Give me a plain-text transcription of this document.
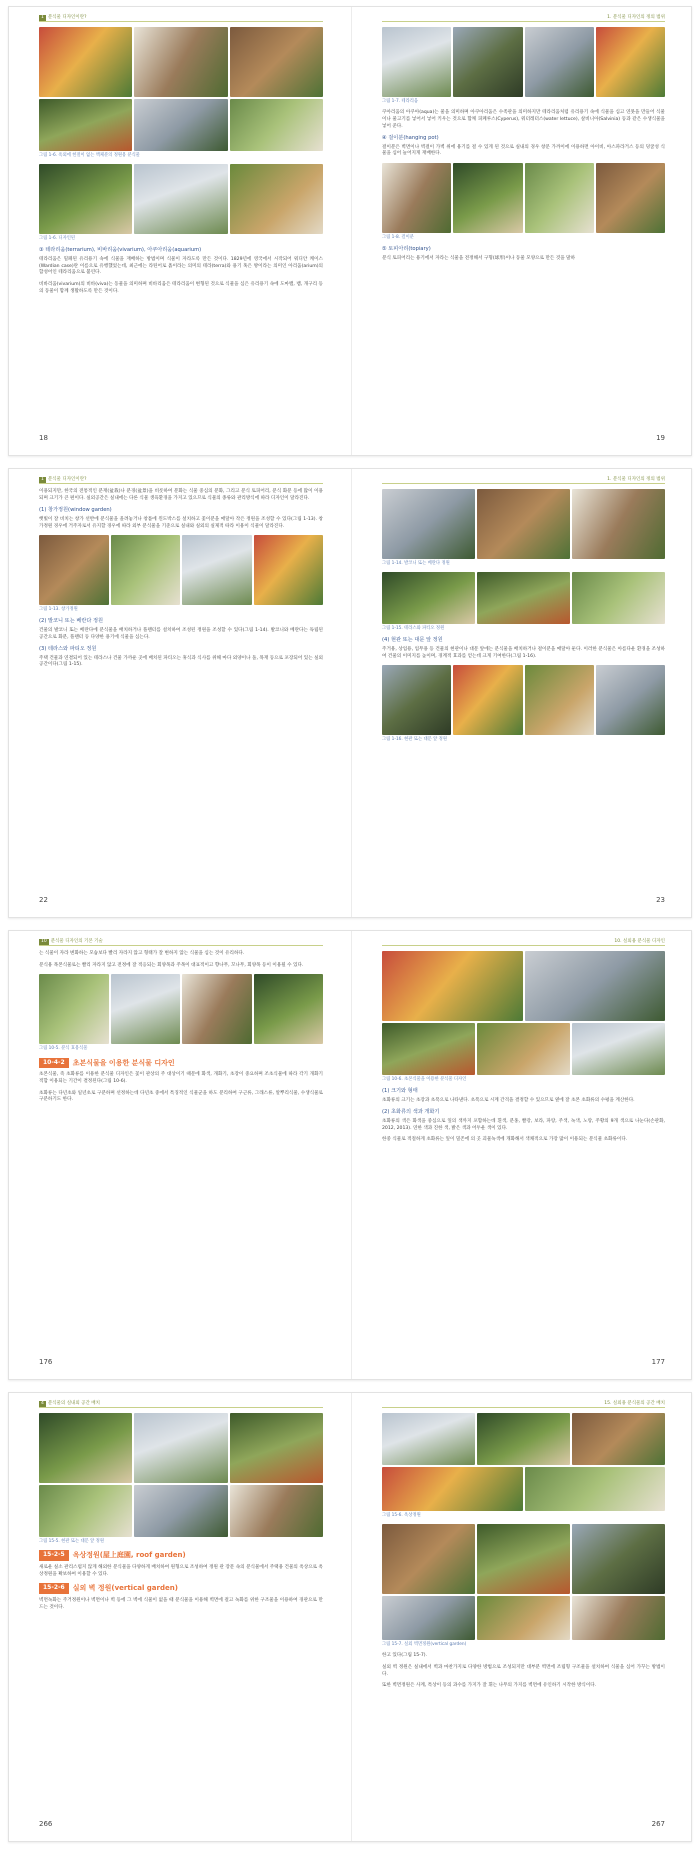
1 분식물 디자인이란?
그림 1-6. 옥외에 헌절이 없는 액체분의 정원용 분식물
그림 1-6. 디자인된
③ 테라리움(terrarium), 비바리움(vivarium), 아쿠아리움(aquarium)

테라리움은 밀폐된 유리용기 속에 식물을 재배하는 방법이며 식물이 자라도록 만든 것이다. 1829년에 영국에서 시작되어 워디안 케이스(Wardian case)란 이름으로 유행했었는데, 최근에는 라틴어로 흙이라는 의미의 테라(terra)와 용기 혹은 방이라는 의미인 아리움(arium)의 합성어인 테라리움으로 불린다.

비바리움(vivarium)의 비바(viva)는 동물을 의미하며 비바리움은 테라리움이 변형된 것으로 식물을 심은 유리용기 속에 도마뱀, 뱀, 개구리 등의 동물이 함께 생활하도록 만든 것이다.

18
1. 분식물 디자인의 정의 범위
그림 1-7. 테라리움

쿠아리움의 아쿠아(aqua)는 물을 의미하며 아쿠아리움은 수족관을 의미하지만 테라리움처럼 유리용기 속에 식물을 심고 연못을 만들어 식물이나 물고기를 넣어서 넣어 키우는 것으로 함께 피페루스(Cyperus), 워터레터스(water lettuce), 살비니아(Salvinia) 등과 같은 수생식물을 넣어 준다.

④ 걸이분(hanging pot)

걸이분은 벽면이나 벽걸이 가벽 위에 용기를 걸 수 있게 된 것으로 실내의 경우 창문 가까이에 이용하면 아이비, 아스파라거스 등의 덩굴성 식물을 심어 늘어지게 재배한다.

그림 1-8. 걸이분
⑤ 토피아리(topiary)

분식 토피어리는 용기에서 자라는 식물을 전정해서 구형(球形)이나 동물 모양으로 만든 것을 말하

19
1 분식물 디자인이란?

이용되지만, 한국의 전통적인 분재(盆栽)나 분경(盆景)을 비롯하여 분화는 식물 중심의 분화, 그리고 분식 토피어리, 분식 화분 등에 많이 이용되며 크기가 큰 편이다. 실외공간은 실내에는 다른 식물 생육환경을 가지고 있으므로 식물의 종류와 관리방식에 따라 디자인이 달라진다.

(1) 창가정원(window garden)

햇빛이 잘 비치는 창가 선반에 분식물을 올려놓거나 창틀에 윈도박스를 설치하고 꽃이분을 매달아 작은 정원을 조성할 수 있다(그림 1-13). 창가정원 경우에 거주자로서 유지할 경우에 따라 외부 분식물을 기준으로 실내와 실외의 실제적 따라 이용이 식물이 달라진다.

그림 1-13. 창가정원
(2) 발코니 또는 베란다 정원

건물의 발코니 또는 베란다에 분식물을 배치하거나 플랜터를 설치하여 조성된 정원을 조성할 수 있다(그림 1-14). 발코니와 베란다는 독립된 공간으로 화분, 플랜터 등 다양한 용기에 식물을 심는다.

(3) 테라스와 파티오 정원

주택 건물과 연결되어 있는 테라스나 건물 가까운 곳에 배치된 파티오는 휴식과 식사를 위해 마다 외양이나 돌, 목재 등으로 포장되어 있는 실외공간이다(그림 1-15).

22
1. 분식물 디자인의 정의 범위
그림 1-14. 발코니 또는 베란다 정원
그림 1-15. 테라스와 파티오 정원
(4) 현관 또는 대문 앞 정원

주거용, 상업용, 업무용 등 건물의 현관이나 대문 앞에는 분식물을 배치하거나 걸이분을 매달아 둔다. 이러한 분식물은 아름다운 환경을 조성하여 건물의 이미지를 높이며, 경계적 효과를 얻는데 크게 기여한다(그림 1-16).

그림 1-16. 현관 또는 대문 앞 정원
23
10 분식물 디자인의 기본 기술

는 식물이 자라 변화하는 모습보다 빨리 자라지 않고 형태가 잘 변하지 않는 식물을 심는 것이 유리하다.

분식용 목본식물로는 빨리 자라지 않고 전정에 잘 적응되는 회양목과 주목이 대표적이고 향나무, 꼬나무, 회양목 등이 이용될 수 있다.

그림 10-5. 분식 효용식물
10-4-2	초본식물을 이용한 분식물 디자인

초본식물, 즉 초화류를 이용한 분식물 디자인은 꽃이 관상의 주 대상이기 때문에 화색, 개화기, 초장이 중요하며 조초식물에 따라 각기 개화기 적합 이용되는 기간이 결정된다(그림 10-6).

초화류는 다년초와 일년초로 구분하며 선정하는데 다년초 중에서 특징적인 식물군을 하도 분리하여 구근류, 그래스류, 알뿌리식물, 수생식물로 구분하기도 한다.

176
10. 실외용 분식물 디자인
그림 10-6. 초본식물을 이용한 분식물 디자인
(1) 크기와 형태

초화류의 크기는 초장과 초폭으로 나타낸다. 초폭으로 시계 간격을 결정할 수 있으므로 옆에 잘 초본 초화류의 수평을 계산한다.

(2) 초화류의 색과 개화기

초화류의 색은 화색을 중심으로 잎의 색까지 포함하는데 흰색, 분홍, 빨강, 보라, 파랑, 주색, 녹색, 노랑, 주황의 9개 색으로 나눈다(손관화, 2012, 2013). 연한 색과 진한 색, 밝은 색과 어두운 색이 있다.

한중 식물로 적절하게 초화류는 잎이 밀존에 의 곳 괴물녹색에 개화해서 색채적으로 가장 많이 이용되는 분식물 초화류이다.

177
4 분식물의 실내외 공간 배치
그림 15-5. 현관 또는 대문 앞 정원
15-2-5	옥상정원(屋上庭園, roof garden)

새로운 실소 관리스럽지 않게 해외한 분식물을 다양하게 배치하여 원형으로 조성하여 정원 관 장문 속의 분식물에서 주택용 건물의 옥상으로 옥상정원을 확보하여 이용할 수 있다.

15-2-6	실외 벽 정원(vertical garden)

벽면녹화는 주거정원이나 벽면이나 벽 등에 그 벽에 식물이 없을 때 분식물을 이용해 벽면에 걸고 녹화를 위한 구조물을 이용하여 경관으로 만드는 것이다.

266
15. 실외용 분식물의 공간 배치
그림 15-6. 옥상정원
그림 15-7. 실외 벽면정원(vertical garden)

한고 있다(그림 15-7).

실외 벽 정원은 실내에서 벽과 마찬가지로 다양한 방법으로 조성되지만 대부분 벽면에 조립형 구조물을 설치하여 식물을 심어 가꾸는 방법이다.

또한 벽면정원은 사계, 특상이 등의 과수를 가지가 잘 휘는 나무의 가지를 벽면에 유인하기 시작한 방식이다.

267
